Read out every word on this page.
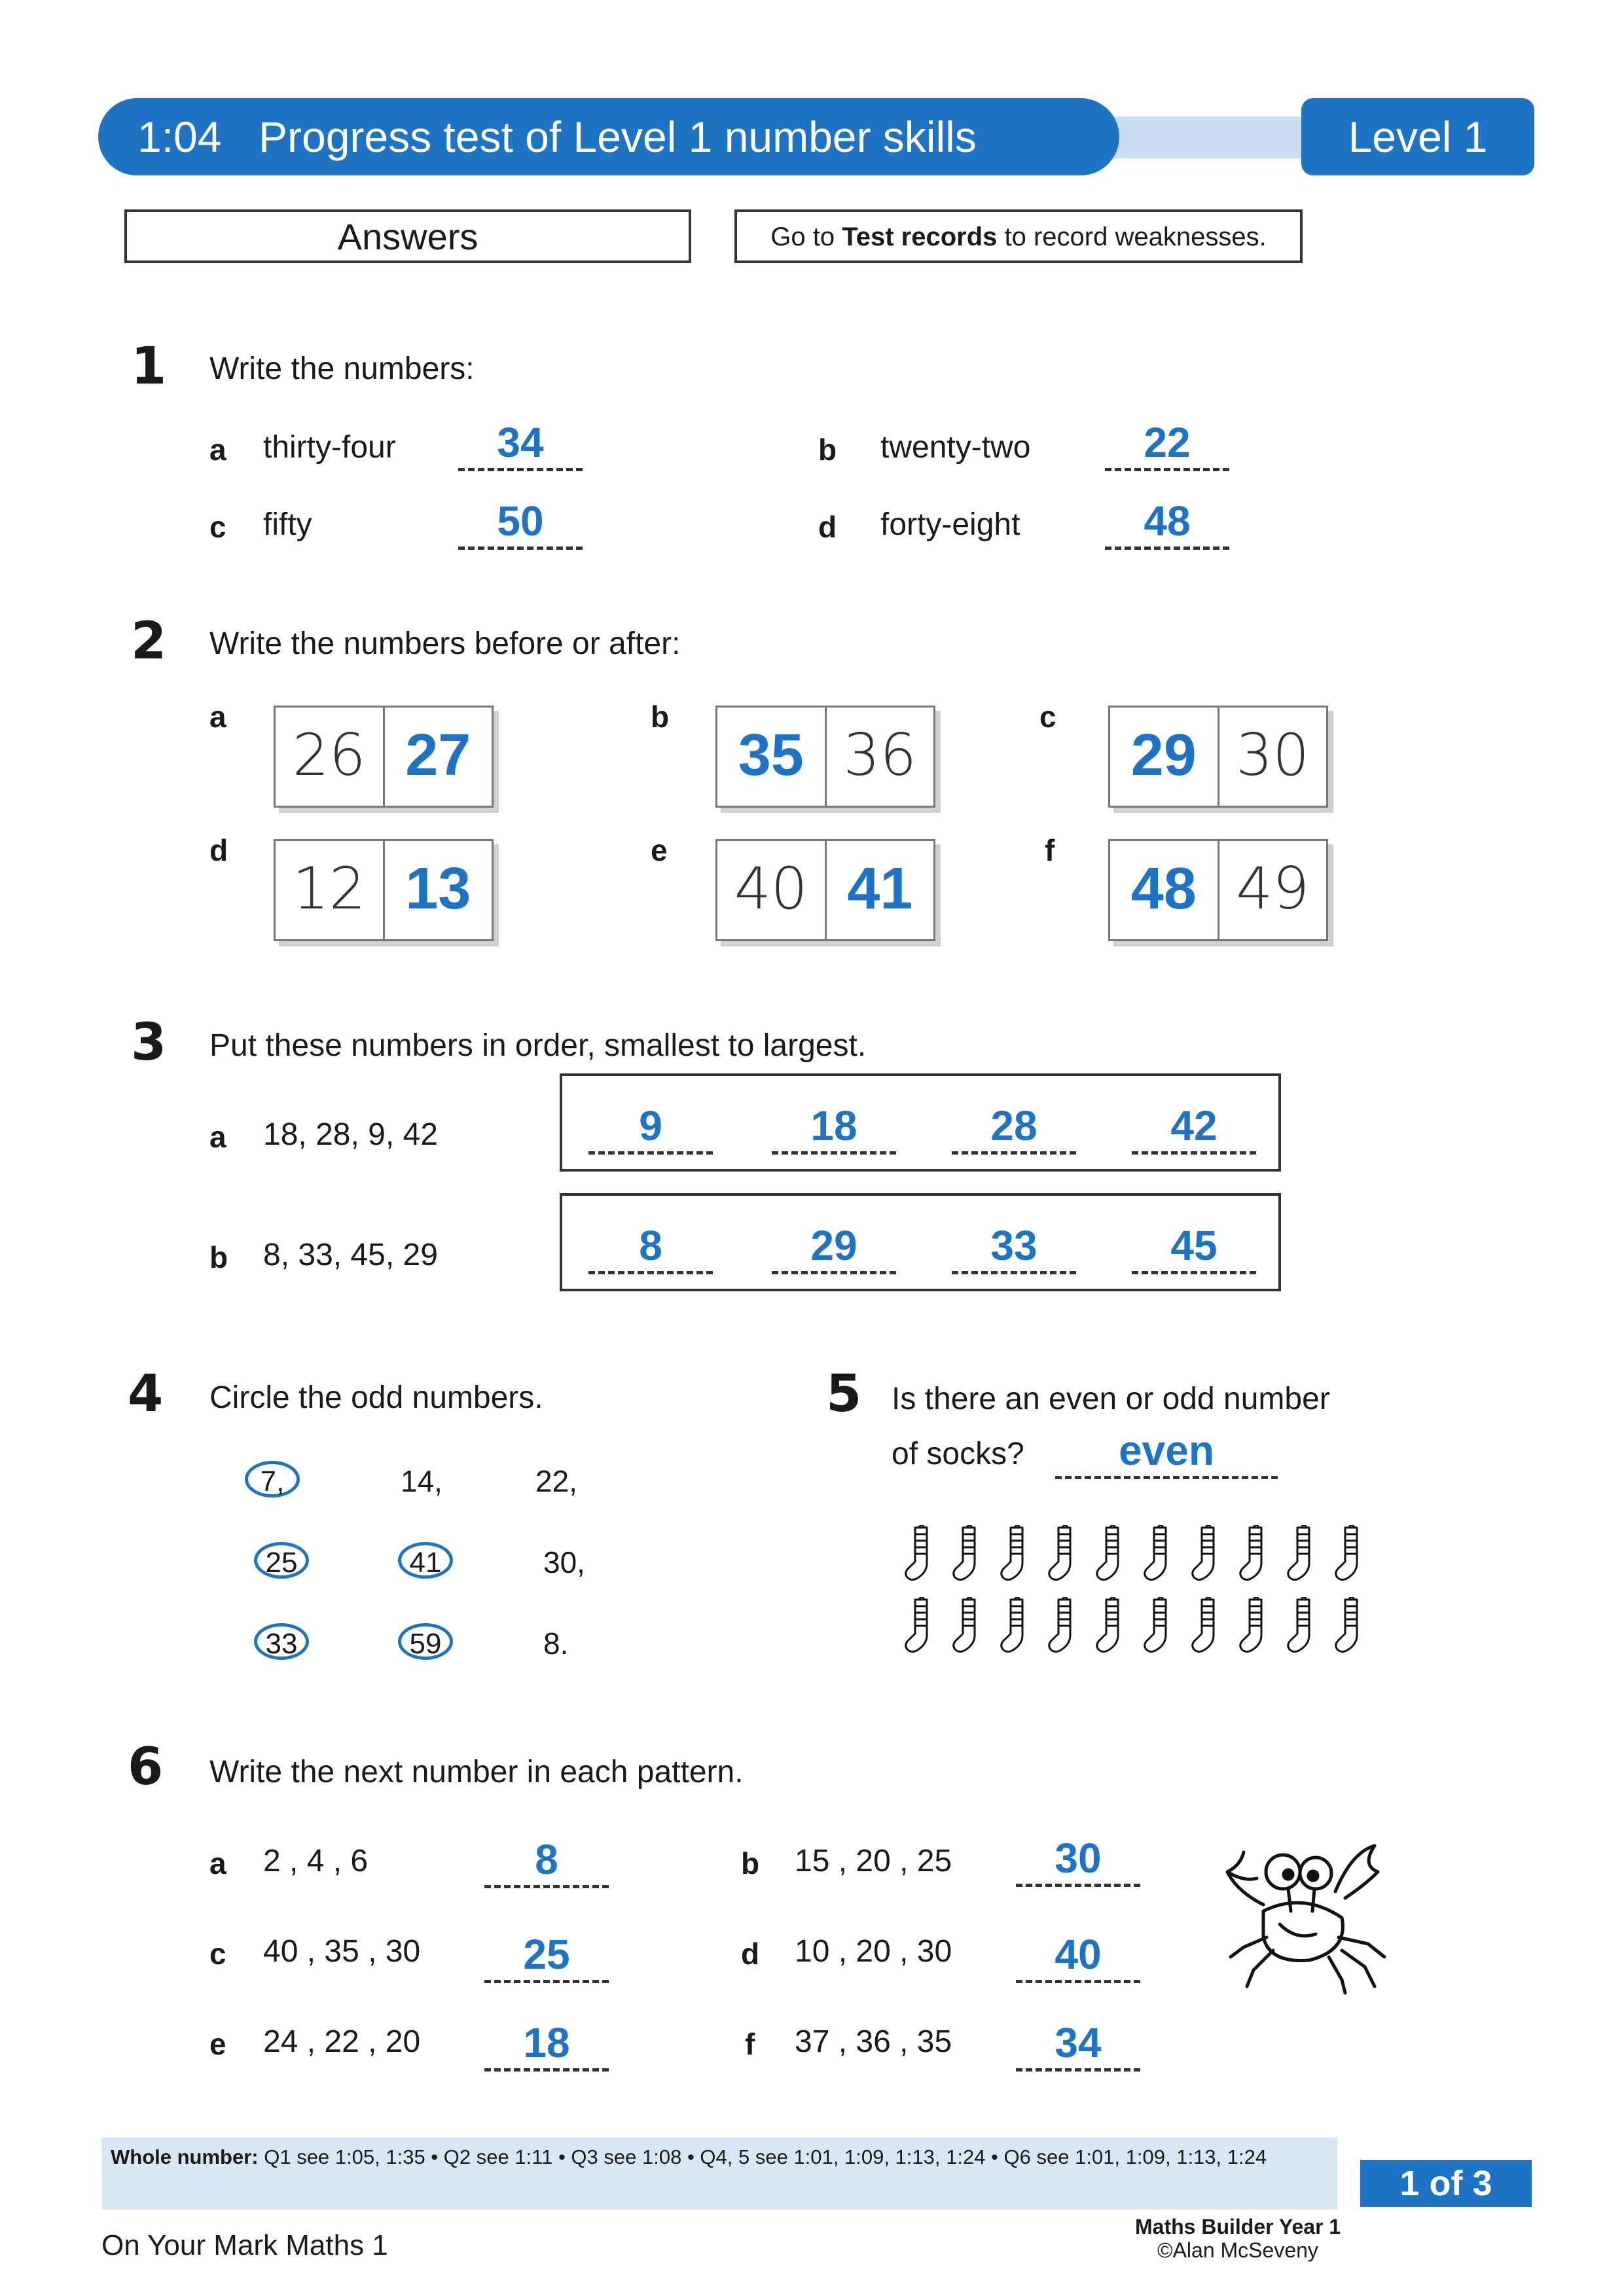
1:04 Progress test of Level 1 number skills	Level 1
Answers	Go to Test records to record weaknesses.
1 Write the numbers:
a thirty-four	34	b twenty-two	22
c fifty	50	d forty-eight	48
2 Write the numbers before or after:
a
26 27
b
35 36
c
29 30
d
12 13
e
40 41
f
48 49
3 Put these numbers in order, smallest to largest.
a 18, 28, 9, 42	9	18	28	42
b 8, 33, 45, 29	8	29	33	45
4 Circle the odd numbers.
7,	14,	22,
25	41	30,
33	59	8.
5 Is there an even or odd number
of socks?	even
6 Write the next number in each pattern.
a 2 , 4 , 6	8	b 15 , 20 , 25	30
c 40 , 35 , 30	25	d 10 , 20 , 30	40
e 24 , 22 , 20	18	f 37 , 36 , 35	34
Whole number: Q1 see 1:05, 1:35 • Q2 see 1:11 • Q3 see 1:08 • Q4, 5 see 1:01, 1:09, 1:13, 1:24 • Q6 see 1:01, 1:09, 1:13, 1:24
1 of 3
Maths Builder Year 1
©Alan McSeveny
On Your Mark Maths 1
